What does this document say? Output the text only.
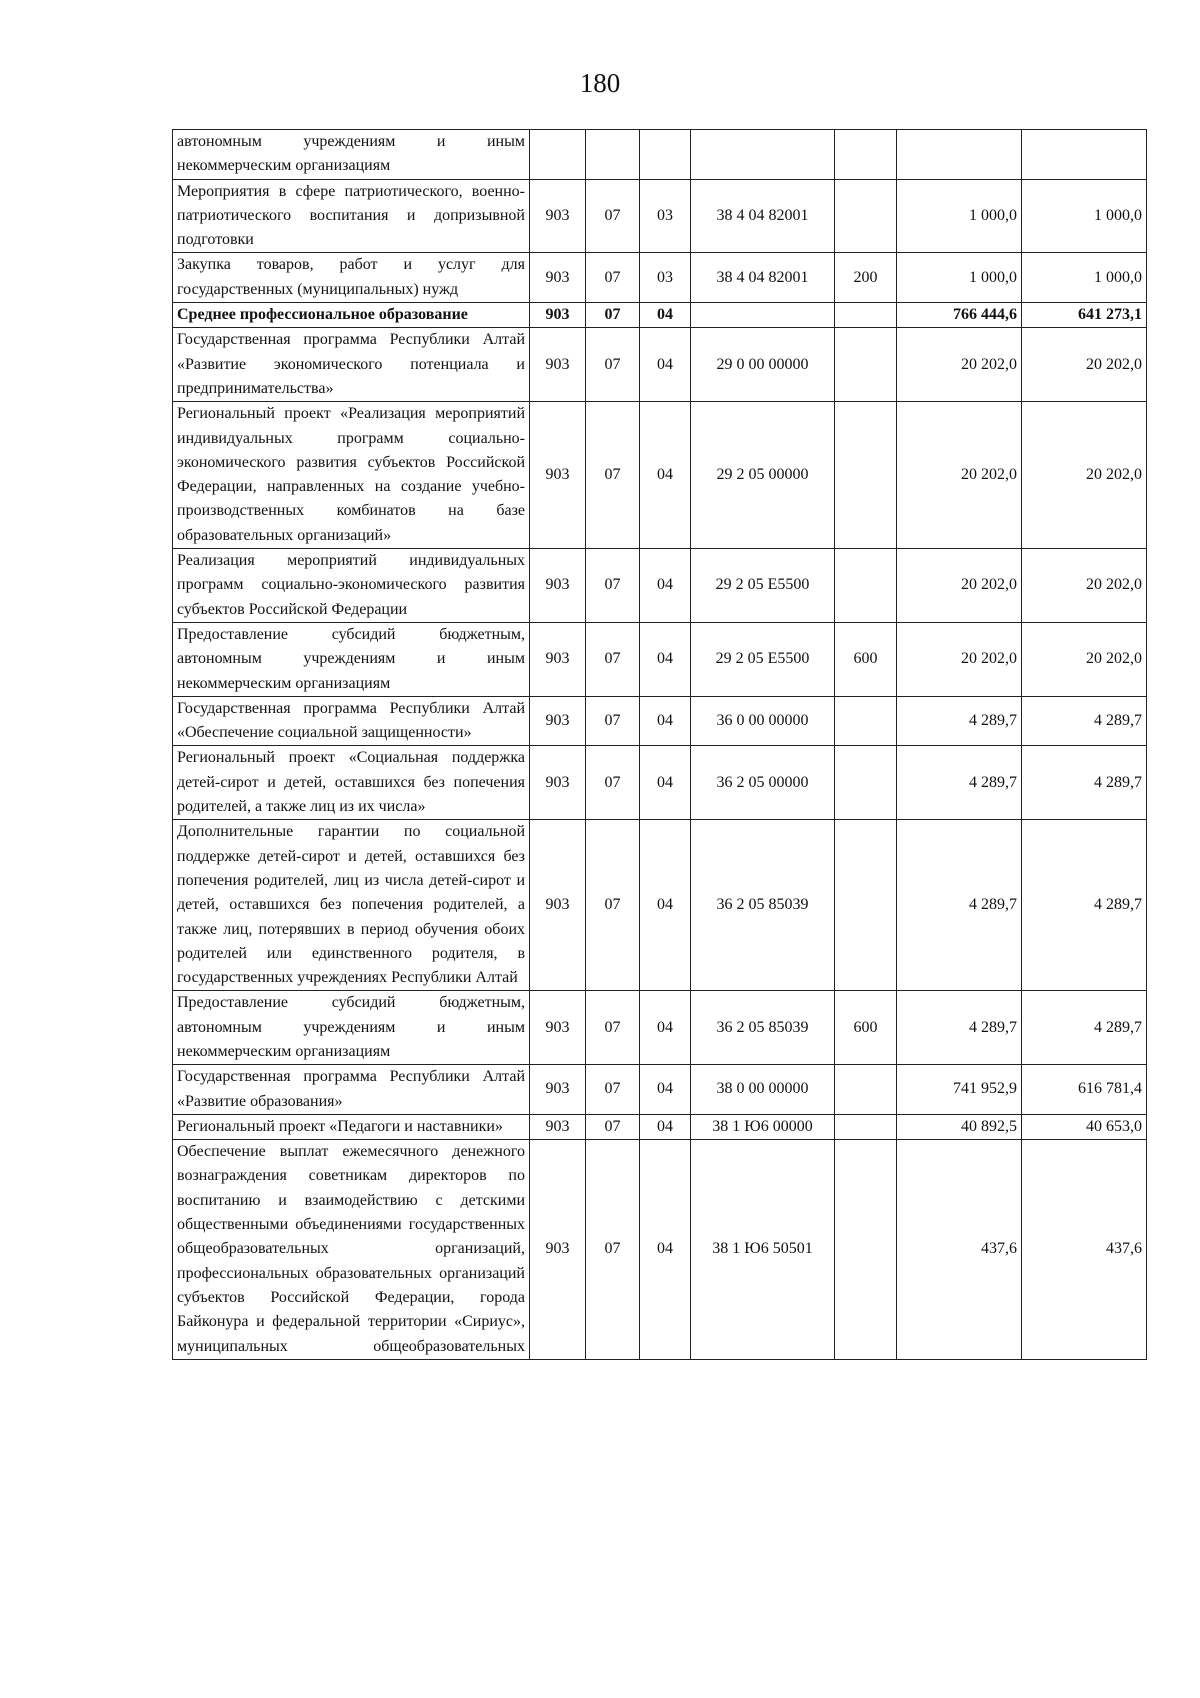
180
автономным учреждениям и иным некоммерческим организациям							
Мероприятия в сфере патриотического, военно-патриотического воспитания и допризывной подготовки	903	07	03	38 4 04 82001		1 000,0	1 000,0
Закупка товаров, работ и услуг для государственных (муниципальных) нужд	903	07	03	38 4 04 82001	200	1 000,0	1 000,0
Среднее профессиональное образование	903	07	04			766 444,6	641 273,1
Государственная программа Республики Алтай «Развитие экономического потенциала и предпринимательства»	903	07	04	29 0 00 00000		20 202,0	20 202,0
Региональный проект «Реализация мероприятий индивидуальных программ социально-экономического развития субъектов Российской Федерации, направленных на создание учебно-производственных комбинатов на базе образовательных организаций»	903	07	04	29 2 05 00000		20 202,0	20 202,0
Реализация мероприятий индивидуальных программ социально-экономического развития субъектов Российской Федерации	903	07	04	29 2 05 Е5500		20 202,0	20 202,0
Предоставление субсидий бюджетным, автономным учреждениям и иным некоммерческим организациям	903	07	04	29 2 05 Е5500	600	20 202,0	20 202,0
Государственная программа Республики Алтай «Обеспечение социальной защищенности»	903	07	04	36 0 00 00000		4 289,7	4 289,7
Региональный проект «Социальная поддержка детей-сирот и детей, оставшихся без попечения родителей, а также лиц из их числа»	903	07	04	36 2 05 00000		4 289,7	4 289,7
Дополнительные гарантии по социальной поддержке детей-сирот и детей, оставшихся без попечения родителей, лиц из числа детей-сирот и детей, оставшихся без попечения родителей, а также лиц, потерявших в период обучения обоих родителей или единственного родителя, в государственных учреждениях Республики Алтай	903	07	04	36 2 05 85039		4 289,7	4 289,7
Предоставление субсидий бюджетным, автономным учреждениям и иным некоммерческим организациям	903	07	04	36 2 05 85039	600	4 289,7	4 289,7
Государственная программа Республики Алтай «Развитие образования»	903	07	04	38 0 00 00000		741 952,9	616 781,4
Региональный проект «Педагоги и наставники»	903	07	04	38 1 Ю6 00000		40 892,5	40 653,0
Обеспечение выплат ежемесячного денежного вознаграждения советникам директоров по воспитанию и взаимодействию с детскими общественными объединениями государственных общеобразовательных организаций, профессиональных образовательных организаций субъектов Российской Федерации, города Байконура и федеральной территории «Сириус», муниципальных общеобразовательных	903	07	04	38 1 Ю6 50501		437,6	437,6
